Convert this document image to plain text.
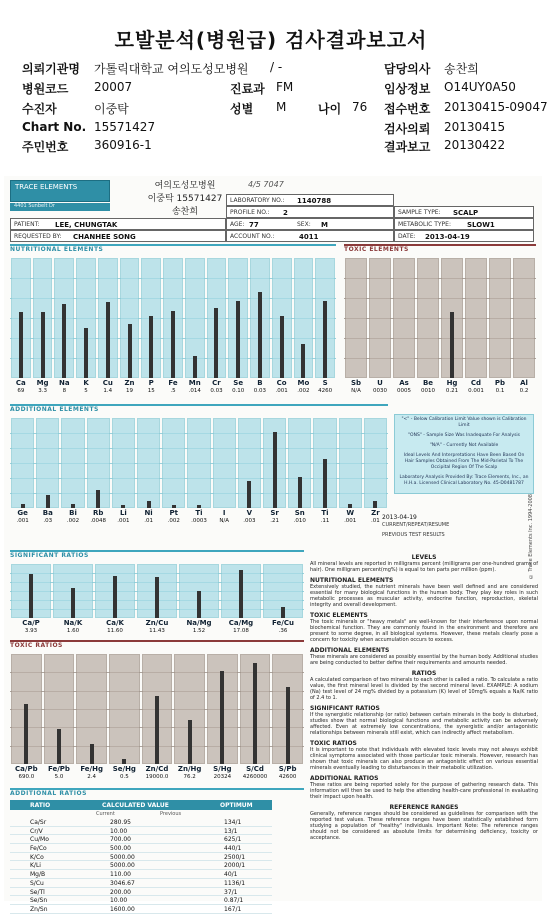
모발분석(병원급) 검사결과보고서
의뢰기관명 가톨릭대학교 여의도성모병원 / -	담당의사 송찬희
병원코드 20007	진료과 FM	임상정보 O14UY0A50
수진자	이중탁	성별 M	나이 76 접수번호 20130415-09047
Chart No. 15571427	검사의뢰 20130415
주민번호 360916-1	결과보고 20130422
TRACE ELEMENTS
4401 Sunbelt Dr
여의도성모병원
이중탁 15571427
송찬희
4/5 7047
LABORATORY NO.: 1140788
PROFILE NO.: 2	SAMPLE TYPE: SCALP
PATIENT: LEE, CHUNGTAK	AGE: 77	SEX: M	METABOLIC TYPE: SLOW1
REQUESTED BY: CHANHEE SONG	ACCOUNT NO.:	4011	DATE: 2013-04-19
NUTRITIONAL ELEMENTS	TOXIC ELEMENTS
ADDITIONAL ELEMENTS
SIGNIFICANT RATIOS
TOXIC RATIOS
ADDITIONAL RATIOS
Ca
69
Mg
3.3
Na
8
K
5
Cu
1.4
Zn
19
P
15
Fe
.5
Mn
.014
Cr
0.03
Se
0.10
B
0.03
Co
.001
Mo
.002
S
4260
Sb
N/A
U
0030
As
0005
Be
0010
Hg
0.21
Cd
0.001
Pb
0.1
Al
0.2
Ge
.001
Ba
.03
Bi
.002
Rb
.0048
Li
.001
Ni
.01
Pt
.002
Ti
.0003
I
N/A
V
.003
Sr
.21
Sn
.010
Ti
.11
W
.001
Zr
.01
Ca/P
3.93
Na/K
1.60
Ca/K
11.60
Zn/Cu
11.43
Na/Mg
1.52
Ca/Mg
17.08
Fe/Cu
.36
Ca/Pb
690.0
Fe/Pb
5.0
Fe/Hg
2.4
Se/Hg
0.5
Zn/Cd
19000.0
Zn/Hg
76.2
S/Hg
20324
S/Cd
4260000
S/Pb
42600
"<" - Below Calibration Limit Value shown is Calibration Limit
"ONS" - Sample Size Was Inadequate For Analysis
"N/A" - Currently Not Available
Ideal Levels And Interpretations Have Been Based On Hair Samples Obtained From The Mid-Parietal To The Occipital Region Of The Scalp
Laboratory Analysis Provided By: Trace Elements, Inc., an H.H.a. Licensed Clinical Laboratory No. 45-D0481787
2013-04-19
CURRENT/REPEAT/RESUME
PREVIOUS TEST RESULTS	© Trace Elements Inc. 1994-2008
LEVELS

All mineral levels are reported in milligrams percent (milligrams per one-hundred grams of hair). One milligram percent(mg%) is equal to ten parts per million (ppm).

NUTRITIONAL ELEMENTS

Extensively studied, the nutrient minerals have been well defined and are considered essential for many biological functions in the human body. They play key roles in such metabolic processes as muscular activity, endocrine function, reproduction, skeletal integrity and overall development.

TOXIC ELEMENTS

The toxic minerals or "heavy metals" are well-known for their interference upon normal biochemical function. They are commonly found in the environment and therefore are present to some degree, in all biological systems. However, these metals clearly pose a concern for toxicity when accumulation occurs to excess.

ADDITIONAL ELEMENTS

These minerals are considered as possibly essential by the human body. Additional studies are being conducted to better define their requirements and amounts needed.

RATIOS

A calculated comparison of two minerals to each other is called a ratio. To calculate a ratio value, the first mineral level is divided by the second mineral level. EXAMPLE: A sodium (Na) test level of 24 mg% divided by a potassium (K) level of 10mg% equals a Na/K ratio of 2.4 to 1.

SIGNIFICANT RATIOS

If the synergistic relationship (or ratio) between certain minerals in the body is disturbed, studies show that normal biological functions and metabolic activity can be adversely affected. Even at extremely low concentrations, the synergistic and/or antagonistic relationships between minerals still exist, which can indirectly affect metabolism.

TOXIC RATIOS

It is important to note that individuals with elevated toxic levels may not always exhibit clinical symptoms associated with those particular toxic minerals. However, research has shown that toxic minerals can also produce an antagonistic effect on various essential minerals eventually leading to disturbances in their metabolic utilization.

ADDITIONAL RATIOS

These ratios are being reported solely for the purpose of gathering research data. This information will then be used to help the attending health-care professional in evaluating their impact upon health.

REFERENCE RANGES

Generally, reference ranges should be considered as guidelines for comparison with the reported test values. These reference ranges have been statistically established form studying a population of "healthy" individuals. Important Note: The reference ranges should not be considered as absolute limits for determining deficiency, toxicity or acceptance.

RATIO	CALCULATED VALUE	OPTIMUM
Current	Previous
Ca/Sr	280.95	134/1
Cr/V	10.00	13/1
Cu/Mo	700.00	625/1
Fe/Co	500.00	440/1
K/Co	5000.00	2500/1
K/Li	5000.00	2000/1
Mg/B	110.00	40/1
S/Cu	3046.67	1136/1
Se/Tl	200.00	37/1
Se/Sn	10.00	0.87/1
Zn/Sn	1600.00	167/1
